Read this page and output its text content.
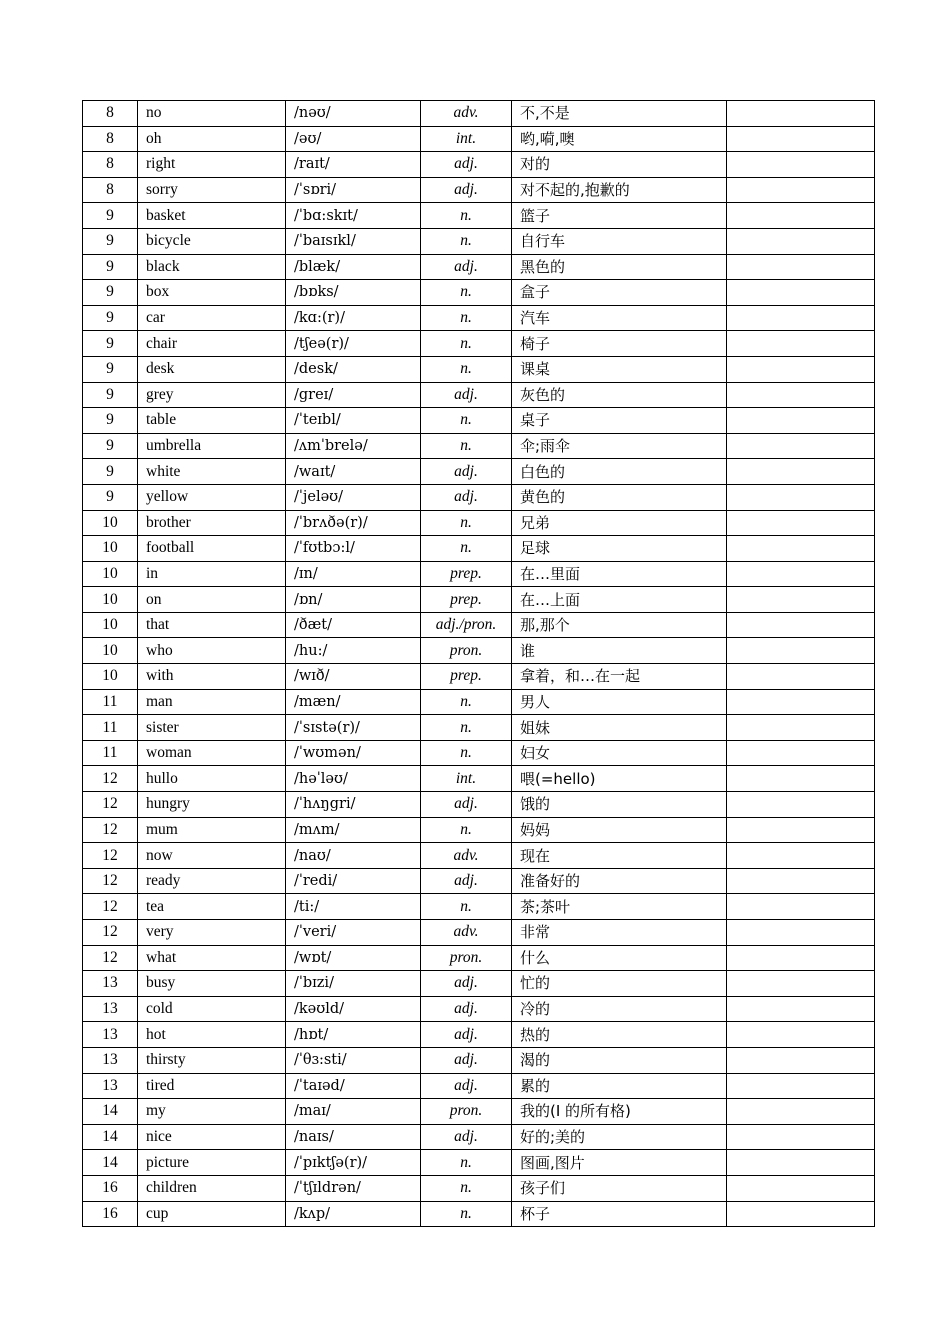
8	no	/nəʊ/	adv.	不,不是	
8	oh	/əʊ/	int.	哟,嗬,噢	
8	right	/raɪt/	adj.	对的	
8	sorry	/ˈsɒri/	adj.	对不起的,抱歉的	
9	basket	/ˈbɑ:skɪt/	n.	篮子	
9	bicycle	/ˈbaɪsɪkl/	n.	自行车	
9	black	/blæk/	adj.	黑色的	
9	box	/bɒks/	n.	盒子	
9	car	/kɑ:(r)/	n.	汽车	
9	chair	/tʃeə(r)/	n.	椅子	
9	desk	/desk/	n.	课桌	
9	grey	/greɪ/	adj.	灰色的	
9	table	/ˈteɪbl/	n.	桌子	
9	umbrella	/ʌmˈbrelə/	n.	伞;雨伞	
9	white	/waɪt/	adj.	白色的	
9	yellow	/ˈjeləʊ/	adj.	黄色的	
10	brother	/ˈbrʌðə(r)/	n.	兄弟	
10	football	/ˈfʊtbɔ:l/	n.	足球	
10	in	/ɪn/	prep.	在…里面	
10	on	/ɒn/	prep.	在…上面	
10	that	/ðæt/	adj./pron.	那,那个	
10	who	/hu:/	pron.	谁	
10	with	/wɪð/	prep.	拿着，和…在一起	
11	man	/mæn/	n.	男人	
11	sister	/ˈsɪstə(r)/	n.	姐妹	
11	woman	/ˈwʊmən/	n.	妇女	
12	hullo	/həˈləʊ/	int.	喂(=hello)	
12	hungry	/ˈhʌŋgri/	adj.	饿的	
12	mum	/mʌm/	n.	妈妈	
12	now	/naʊ/	adv.	现在	
12	ready	/ˈredi/	adj.	准备好的	
12	tea	/ti:/	n.	茶;茶叶	
12	very	/ˈveri/	adv.	非常	
12	what	/wɒt/	pron.	什么	
13	busy	/ˈbɪzi/	adj.	忙的	
13	cold	/kəʊld/	adj.	冷的	
13	hot	/hɒt/	adj.	热的	
13	thirsty	/ˈθɜ:sti/	adj.	渴的	
13	tired	/ˈtaɪəd/	adj.	累的	
14	my	/maɪ/	pron.	我的(I 的所有格)	
14	nice	/naɪs/	adj.	好的;美的	
14	picture	/ˈpɪktʃə(r)/	n.	图画,图片	
16	children	/ˈtʃɪldrən/	n.	孩子们	
16	cup	/kʌp/	n.	杯子	
